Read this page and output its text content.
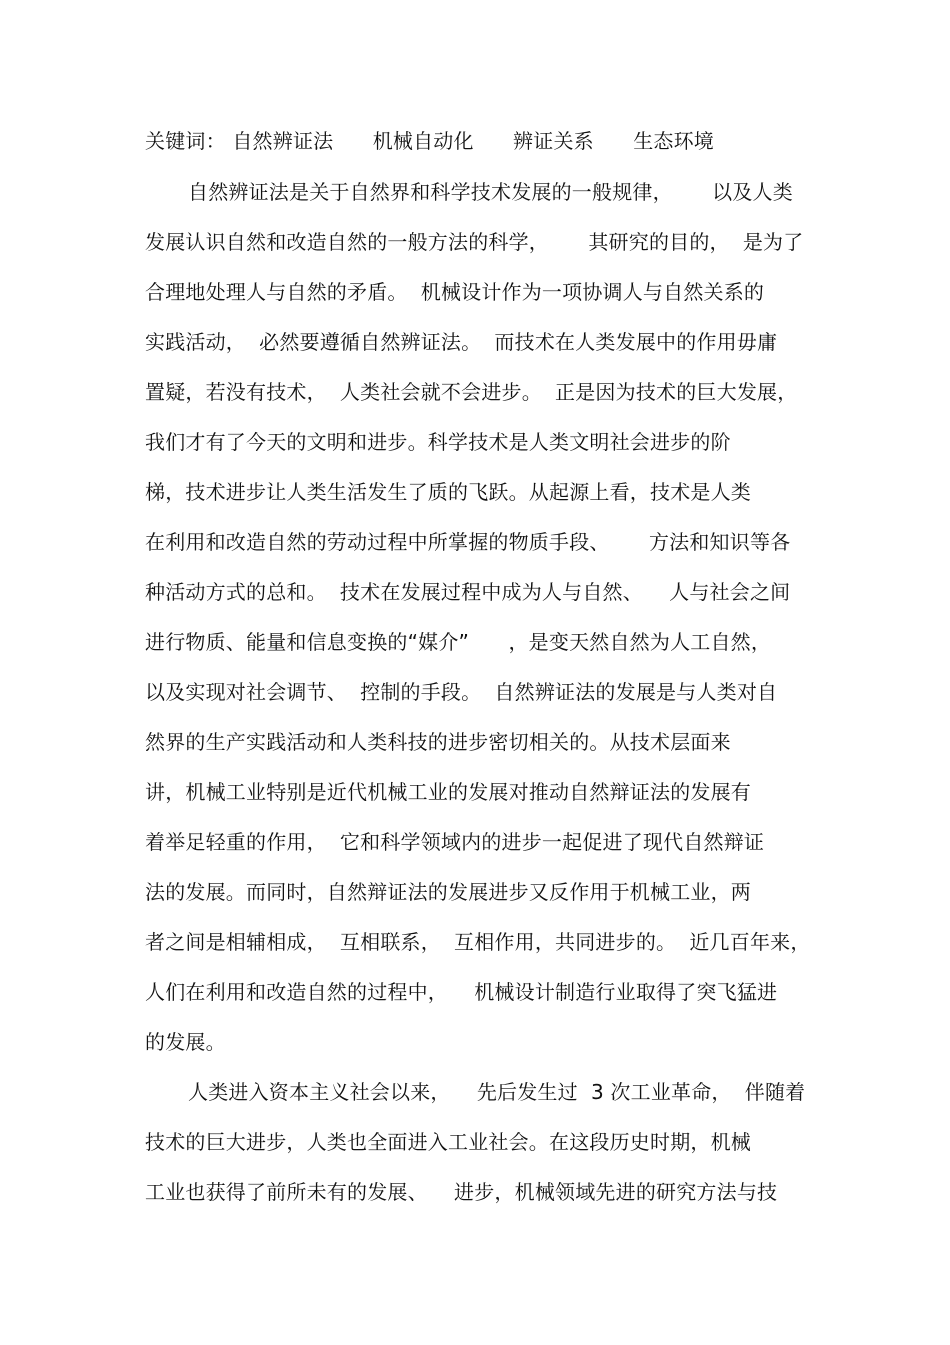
关键词： 自然辨证法      机械自动化      辨证关系      生态环境
自然辨证法是关于自然界和科学技术发展的一般规律，      以及人类
发展认识自然和改造自然的一般方法的科学，      其研究的目的，  是为了
合理地处理人与自然的矛盾。  机械设计作为一项协调人与自然关系的
实践活动，  必然要遵循自然辨证法。  而技术在人类发展中的作用毋庸
置疑，若没有技术，  人类社会就不会进步。  正是因为技术的巨大发展，
我们才有了今天的文明和进步。科学技术是人类文明社会进步的阶
梯，技术进步让人类生活发生了质的飞跃。从起源上看，技术是人类
在利用和改造自然的劳动过程中所掌握的物质手段、      方法和知识等各
种活动方式的总和。  技术在发展过程中成为人与自然、    人与社会之间
进行物质、能量和信息变换的“媒介”      ，是变天然自然为人工自然，
以及实现对社会调节、  控制的手段。  自然辨证法的发展是与人类对自
然界的生产实践活动和人类科技的进步密切相关的。从技术层面来
讲，机械工业特别是近代机械工业的发展对推动自然辩证法的发展有
着举足轻重的作用，  它和科学领域内的进步一起促进了现代自然辩证
法的发展。而同时，自然辩证法的发展进步又反作用于机械工业，两
者之间是相辅相成，  互相联系，  互相作用，共同进步的。  近几百年来，
人们在利用和改造自然的过程中，    机械设计制造行业取得了突飞猛进
的发展。
人类进入资本主义社会以来，    先后发生过  3 次工业革命，  伴随着
技术的巨大进步，人类也全面进入工业社会。在这段历史时期，机械
工业也获得了前所未有的发展、    进步，机械领域先进的研究方法与技
